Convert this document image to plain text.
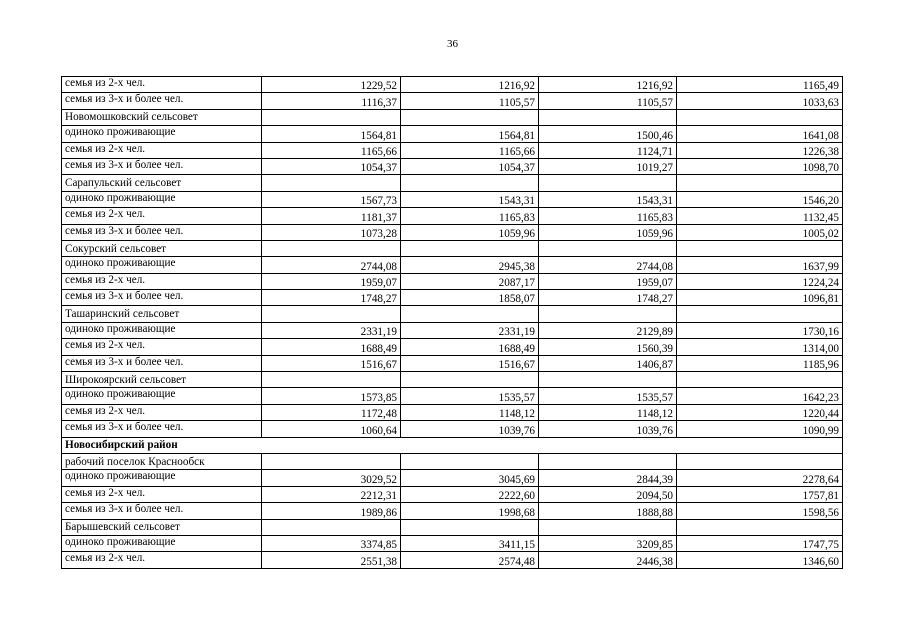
36
семья из 2-х чел.	1229,52	1216,92	1216,92	1165,49
семья из 3-х и более чел.	1116,37	1105,57	1105,57	1033,63
Новомошковский сельсовет				
одиноко проживающие	1564,81	1564,81	1500,46	1641,08
семья из 2-х чел.	1165,66	1165,66	1124,71	1226,38
семья из 3-х и более чел.	1054,37	1054,37	1019,27	1098,70
Сарапульский сельсовет				
одиноко проживающие	1567,73	1543,31	1543,31	1546,20
семья из 2-х чел.	1181,37	1165,83	1165,83	1132,45
семья из 3-х и более чел.	1073,28	1059,96	1059,96	1005,02
Сокурский сельсовет				
одиноко проживающие	2744,08	2945,38	2744,08	1637,99
семья из 2-х чел.	1959,07	2087,17	1959,07	1224,24
семья из 3-х и более чел.	1748,27	1858,07	1748,27	1096,81
Ташаринский сельсовет				
одиноко проживающие	2331,19	2331,19	2129,89	1730,16
семья из 2-х чел.	1688,49	1688,49	1560,39	1314,00
семья из 3-х и более чел.	1516,67	1516,67	1406,87	1185,96
Широкоярский сельсовет				
одиноко проживающие	1573,85	1535,57	1535,57	1642,23
семья из 2-х чел.	1172,48	1148,12	1148,12	1220,44
семья из 3-х и более чел.	1060,64	1039,76	1039,76	1090,99
Новосибирский район				
рабочий поселок Краснообск				
одиноко проживающие	3029,52	3045,69	2844,39	2278,64
семья из 2-х чел.	2212,31	2222,60	2094,50	1757,81
семья из 3-х и более чел.	1989,86	1998,68	1888,88	1598,56
Барышевский сельсовет				
одиноко проживающие	3374,85	3411,15	3209,85	1747,75
семья из 2-х чел.	2551,38	2574,48	2446,38	1346,60
